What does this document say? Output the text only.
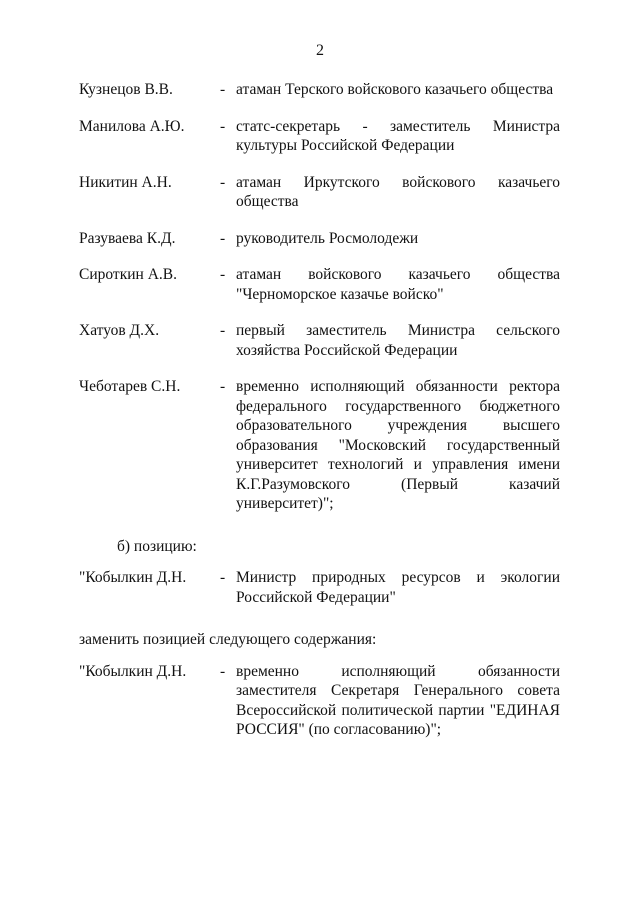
2
Кузнецов В.В.	- атаман Терского войскового казачьего общества
Манилова А.Ю. - статс-секретарь - заместитель Министра культуры Российской Федерации
Никитин А.Н.	- атаман Иркутского войскового казачьего общества
Разуваева К.Д.	- руководитель Росмолодежи
Сироткин А.В.	- атаман войскового казачьего общества "Черноморское казачье войско"
Хатуов Д.Х.	- первый заместитель Министра сельского хозяйства Российской Федерации
Чеботарев С.Н.	- временно исполняющий обязанности ректора федерального государственного бюджетного образовательного учреждения высшего образования "Московский государственный университет технологий и управления имени К.Г.Разумовского (Первый казачий университет)";
б) позицию:
"Кобылкин Д.Н. - Министр природных ресурсов и экологии Российской Федерации"
заменить позицией следующего содержания:
"Кобылкин Д.Н. - временно исполняющий обязанности заместителя Секретаря Генерального совета Всероссийской политической партии "ЕДИНАЯ РОССИЯ" (по согласованию)";
